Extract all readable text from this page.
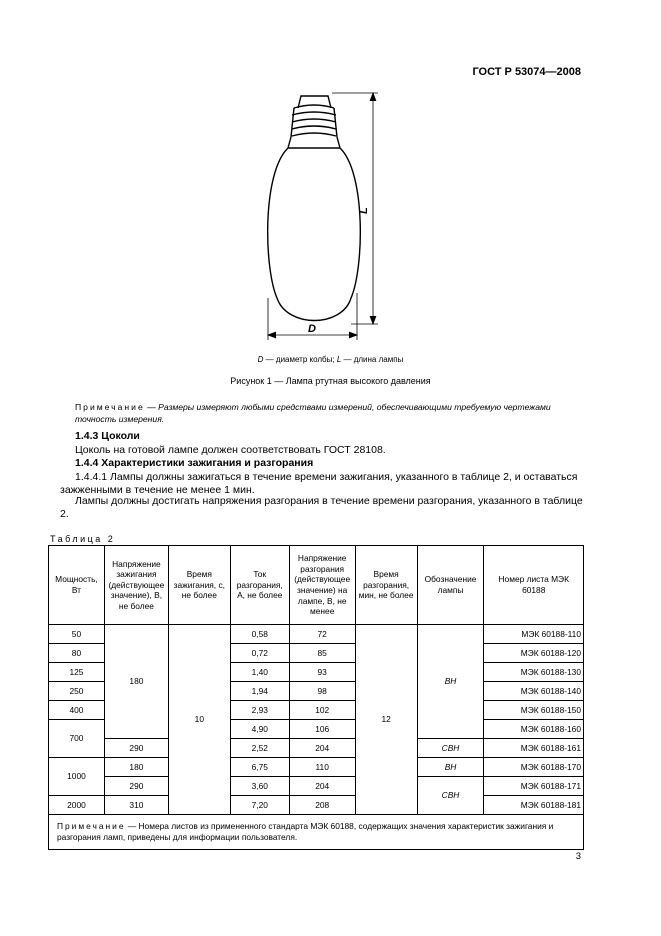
ГОСТ Р 53074—2008
L
D
D — диаметр колбы; L — длина лампы
Рисунок 1 — Лампа ртутная высокого давления
Примечание — Размеры измеряют любыми средствами измерений, обеспечивающими требуемую чертежами точность измерения.
1.4.3 Цоколи
Цоколь на готовой лампе должен соответствовать ГОСТ 28108.
1.4.4 Характеристики зажигания и разгорания
1.4.4.1 Лампы должны зажигаться в течение времени зажигания, указанного в таблице 2, и оставаться зажженными в течение не менее 1 мин.
Лампы должны достигать напряжения разгорания в течение времени разгорания, указанного в таблице 2.
Таблица 2
Мощность, Вт	Напряжение зажигания (действующее значение), В, не более	Время зажигания, с, не более	Ток разгорания, А, не более	Напряжение разгорания (действующее значение) на лампе, В, не менее	Время разгорания, мин, не более	Обозначение лампы	Номер листа МЭК 60188
50	180	10	0,58	72	12	ВН	МЭК 60188-110
80			0,72	85			МЭК 60188-120
125			1,40	93			МЭК 60188-130
250			1,94	98			МЭК 60188-140
400			2,93	102			МЭК 60188-150
700			4,90	106			МЭК 60188-160
	290		2,52	204		СВН	МЭК 60188-161
1000	180		6,75	110		ВН	МЭК 60188-170
	290		3,60	204		СВН	МЭК 60188-171
2000	310		7,20	208			МЭК 60188-181
Примечание — Номера листов из примененного стандарта МЭК 60188, содержащих значения характеристик зажигания и разгорания ламп, приведены для информации пользователя.							
3
